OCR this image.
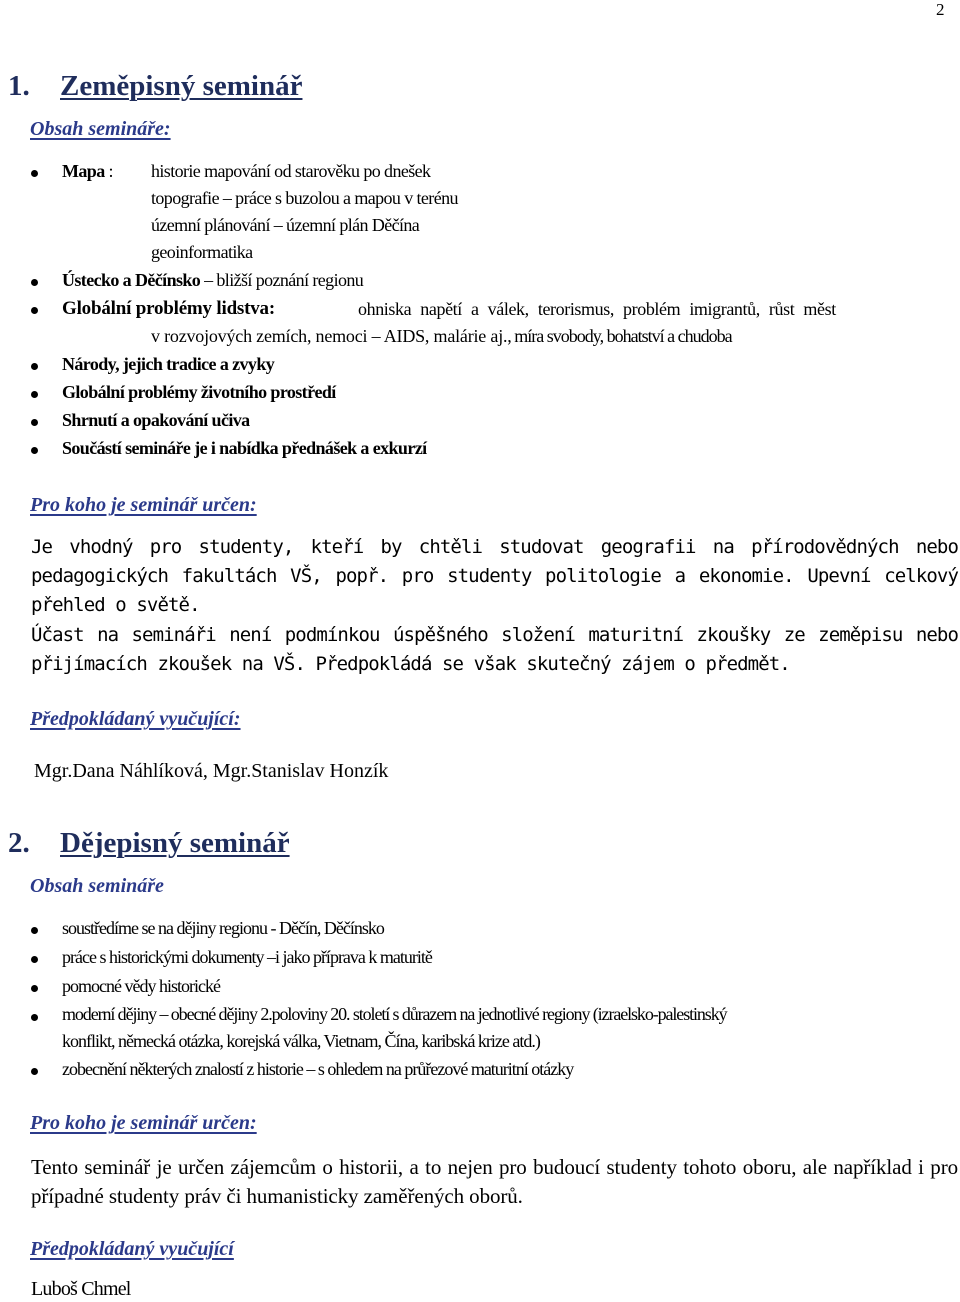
2
1. Zeměpisný seminář
Obsah semináře:
Mapa : historie mapování od starověku po dnešek
topografie – práce s buzolou a mapou v terénu
územní plánování – územní plán Děčína
geoinformatika
Ústecko a Děčínsko – bližší poznání regionu
Globální problémy lidstva:	ohniska napětí a válek, terorismus, problém imigrantů, růst měst
v rozvojových zemích, nemoci – AIDS, malárie aj., míra svobody, bohatství a chudoba
Národy, jejich tradice a zvyky
Globální problémy životního prostředí
Shrnutí a opakování učiva
Součástí semináře je i nabídka přednášek a exkurzí
Pro koho je seminář určen:
Je vhodný pro studenty, kteří by chtěli studovat geografii na přírodovědných nebo pedagogických fakultách VŠ, popř. pro studenty politologie a ekonomie. Upevní celkový přehled o světě.
Účast na semináři není podmínkou úspěšného složení maturitní zkoušky ze zeměpisu nebo přijímacích zkoušek na VŠ. Předpokládá se však skutečný zájem o předmět.
Předpokládaný vyučující:
Mgr.Dana Náhlíková, Mgr.Stanislav Honzík
2. Dějepisný seminář
Obsah semináře
soustředíme se na dějiny regionu - Děčín, Děčínsko
práce s historickými dokumenty –i jako příprava k maturitě
pomocné vědy historické
moderní dějiny – obecné dějiny 2.poloviny 20. století s důrazem na jednotlivé regiony (izraelsko-palestinský
konflikt, německá otázka, korejská válka, Vietnam, Čína, karibská krize atd.)
zobecnění některých znalostí z historie – s ohledem na průřezové maturitní otázky
Pro koho je seminář určen:
Tento seminář je určen zájemcům o historii, a to nejen pro budoucí studenty tohoto oboru, ale například i pro případné studenty práv či humanisticky zaměřených oborů.
Předpokládaný vyučující
Luboš Chmel
